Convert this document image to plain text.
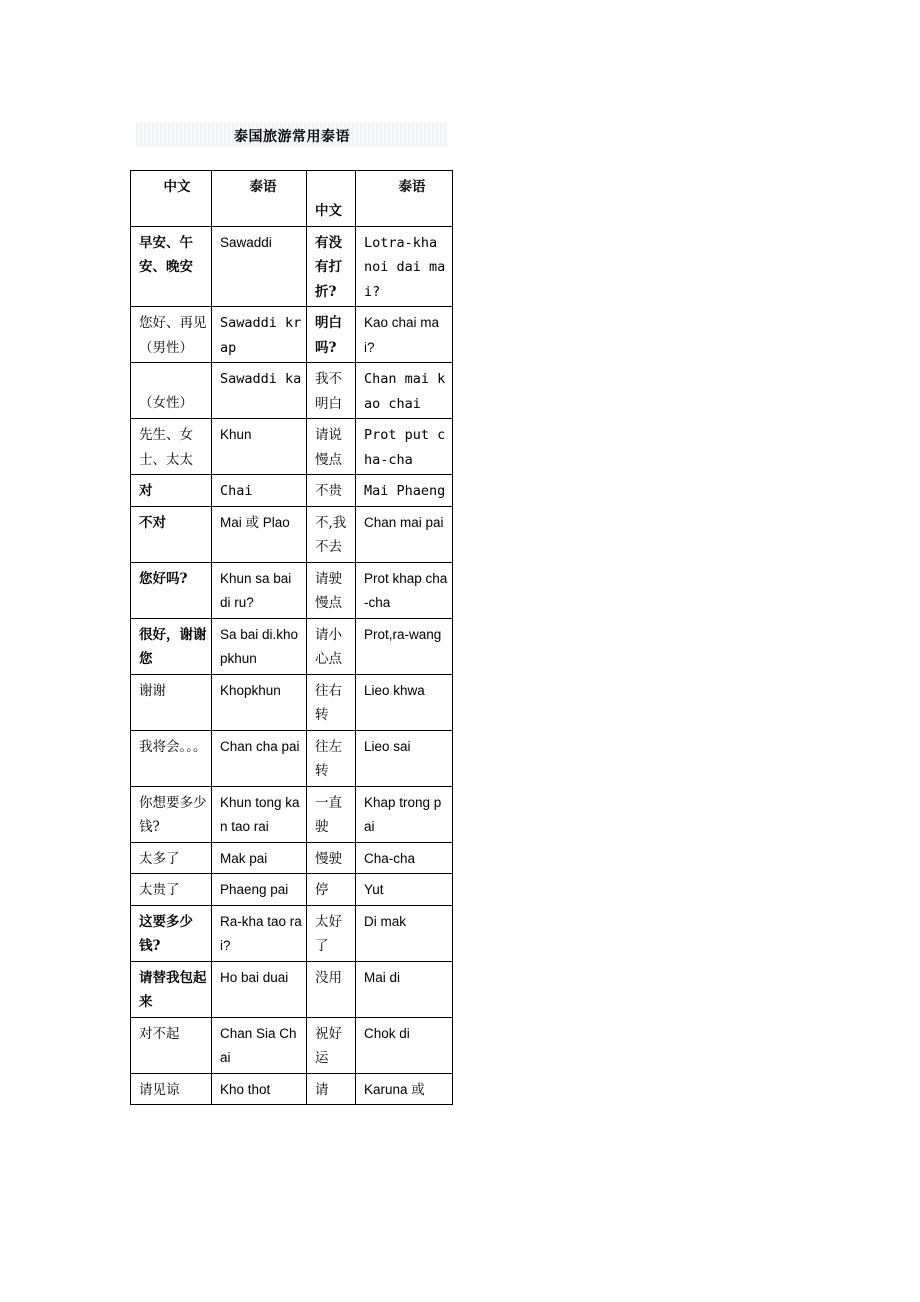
泰国旅游常用泰语
中文	泰语	中文	泰语
早安、午安、晚安	Sawaddi	有没有打折?	Lotra-kha noi dai mai?
您好、再见（男性）	Sawaddi krap	明白吗?	Kao chai mai?
（女性）	Sawaddi ka	我不明白	Chan mai kao chai
先生、女士、太太	Khun	请说慢点	Prot put cha-cha
对	Chai	不贵	Mai Phaeng
不对	Mai 或 Plao	不,我不去	Chan mai pai
您好吗?	Khun sa bai di ru?	请驶慢点	Prot khap cha-cha
很好，谢谢您	Sa bai di.khopkhun	请小心点	Prot,ra-wang
谢谢	Khopkhun	往右转	Lieo khwa
我将会。。。	Chan cha pai	往左转	Lieo sai
你想要多少钱?	Khun tong kan tao rai	一直驶	Khap trong pai
太多了	Mak pai	慢驶	Cha-cha
太贵了	Phaeng pai	停	Yut
这要多少钱?	Ra-kha tao rai?	太好了	Di mak
请替我包起来	Ho bai duai	没用	Mai di
对不起	Chan Sia Chai	祝好运	Chok di
请见谅	Kho thot	请	Karuna 或
